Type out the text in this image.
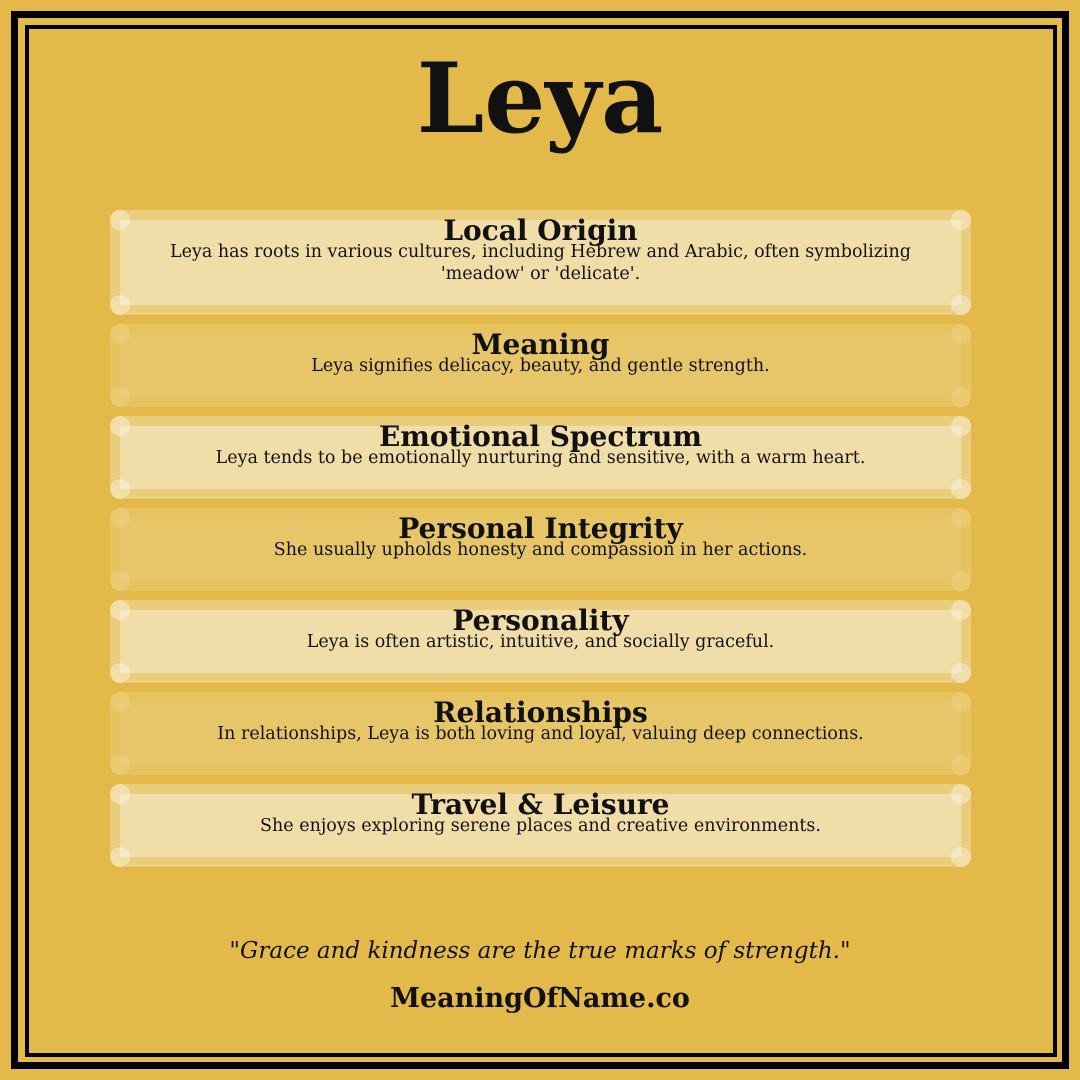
Leya
Local Origin

Leya has roots in various cultures, including Hebrew and Arabic, often symbolizing 'meadow' or 'delicate'.

Meaning

Leya signifies delicacy, beauty, and gentle strength.

Emotional Spectrum

Leya tends to be emotionally nurturing and sensitive, with a warm heart.

Personal Integrity

She usually upholds honesty and compassion in her actions.

Personality

Leya is often artistic, intuitive, and socially graceful.

Relationships

In relationships, Leya is both loving and loyal, valuing deep connections.

Travel & Leisure

She enjoys exploring serene places and creative environments.

"Grace and kindness are the true marks of strength."
MeaningOfName.co
